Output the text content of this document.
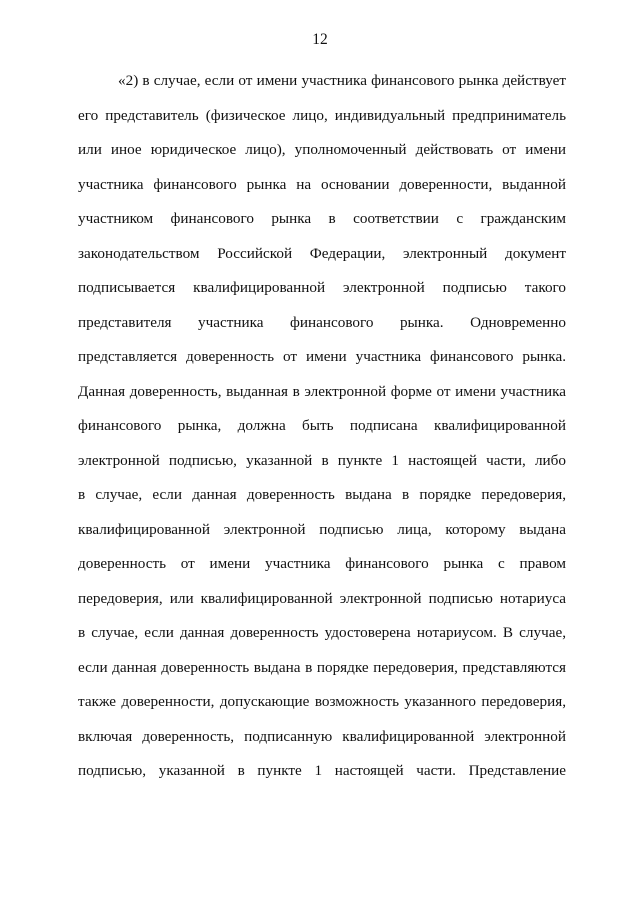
12
«2) в случае, если от имени участника финансового рынка действует
его представитель (физическое лицо, индивидуальный предприниматель
или иное юридическое лицо), уполномоченный действовать от имени
участника финансового рынка на основании доверенности, выданной
участником финансового рынка в соответствии с гражданским
законодательством Российской Федерации, электронный документ
подписывается квалифицированной электронной подписью такого
представителя участника финансового рынка. Одновременно
представляется доверенность от имени участника финансового рынка.
Данная доверенность, выданная в электронной форме от имени участника
финансового рынка, должна быть подписана квалифицированной
электронной подписью, указанной в пункте 1 настоящей части, либо
в случае, если данная доверенность выдана в порядке передоверия,
квалифицированной электронной подписью лица, которому выдана
доверенность от имени участника финансового рынка с правом
передоверия, или квалифицированной электронной подписью нотариуса
в случае, если данная доверенность удостоверена нотариусом. В случае,
если данная доверенность выдана в порядке передоверия, представляются
также доверенности, допускающие возможность указанного передоверия,
включая доверенность, подписанную квалифицированной электронной
подписью, указанной в пункте 1 настоящей части. Представление
